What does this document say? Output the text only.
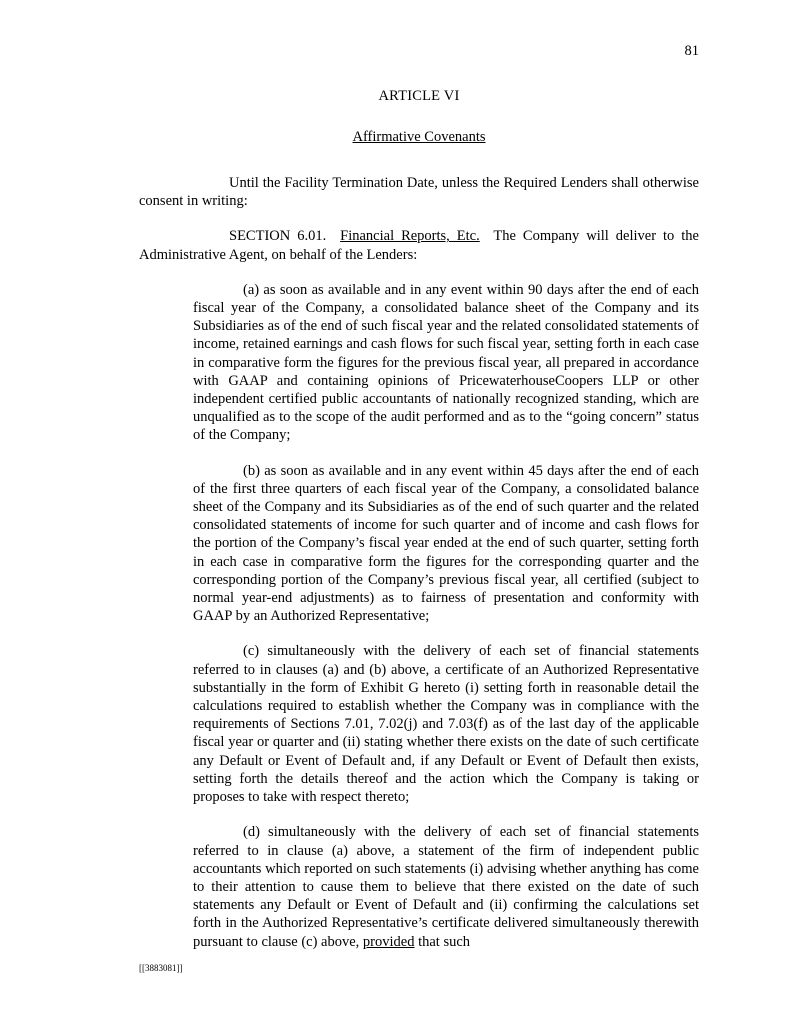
81
ARTICLE VI
Affirmative Covenants

Until the Facility Termination Date, unless the Required Lenders shall otherwise consent in writing:

SECTION 6.01. Financial Reports, Etc. The Company will deliver to the Administrative Agent, on behalf of the Lenders:

(a) as soon as available and in any event within 90 days after the end of each fiscal year of the Company, a consolidated balance sheet of the Company and its Subsidiaries as of the end of such fiscal year and the related consolidated statements of income, retained earnings and cash flows for such fiscal year, setting forth in each case in comparative form the figures for the previous fiscal year, all prepared in accordance with GAAP and containing opinions of PricewaterhouseCoopers LLP or other independent certified public accountants of nationally recognized standing, which are unqualified as to the scope of the audit performed and as to the “going concern” status of the Company;

(b) as soon as available and in any event within 45 days after the end of each of the first three quarters of each fiscal year of the Company, a consolidated balance sheet of the Company and its Subsidiaries as of the end of such quarter and the related consolidated statements of income for such quarter and of income and cash flows for the portion of the Company’s fiscal year ended at the end of such quarter, setting forth in each case in comparative form the figures for the corresponding quarter and the corresponding portion of the Company’s previous fiscal year, all certified (subject to normal year-end adjustments) as to fairness of presentation and conformity with GAAP by an Authorized Representative;

(c) simultaneously with the delivery of each set of financial statements referred to in clauses (a) and (b) above, a certificate of an Authorized Representative substantially in the form of Exhibit G hereto (i) setting forth in reasonable detail the calculations required to establish whether the Company was in compliance with the requirements of Sections 7.01, 7.02(j) and 7.03(f) as of the last day of the applicable fiscal year or quarter and (ii) stating whether there exists on the date of such certificate any Default or Event of Default and, if any Default or Event of Default then exists, setting forth the details thereof and the action which the Company is taking or proposes to take with respect thereto;

(d) simultaneously with the delivery of each set of financial statements referred to in clause (a) above, a statement of the firm of independent public accountants which reported on such statements (i) advising whether anything has come to their attention to cause them to believe that there existed on the date of such statements any Default or Event of Default and (ii) confirming the calculations set forth in the Authorized Representative’s certificate delivered simultaneously therewith pursuant to clause (c) above, provided that such

[[3883081]]
